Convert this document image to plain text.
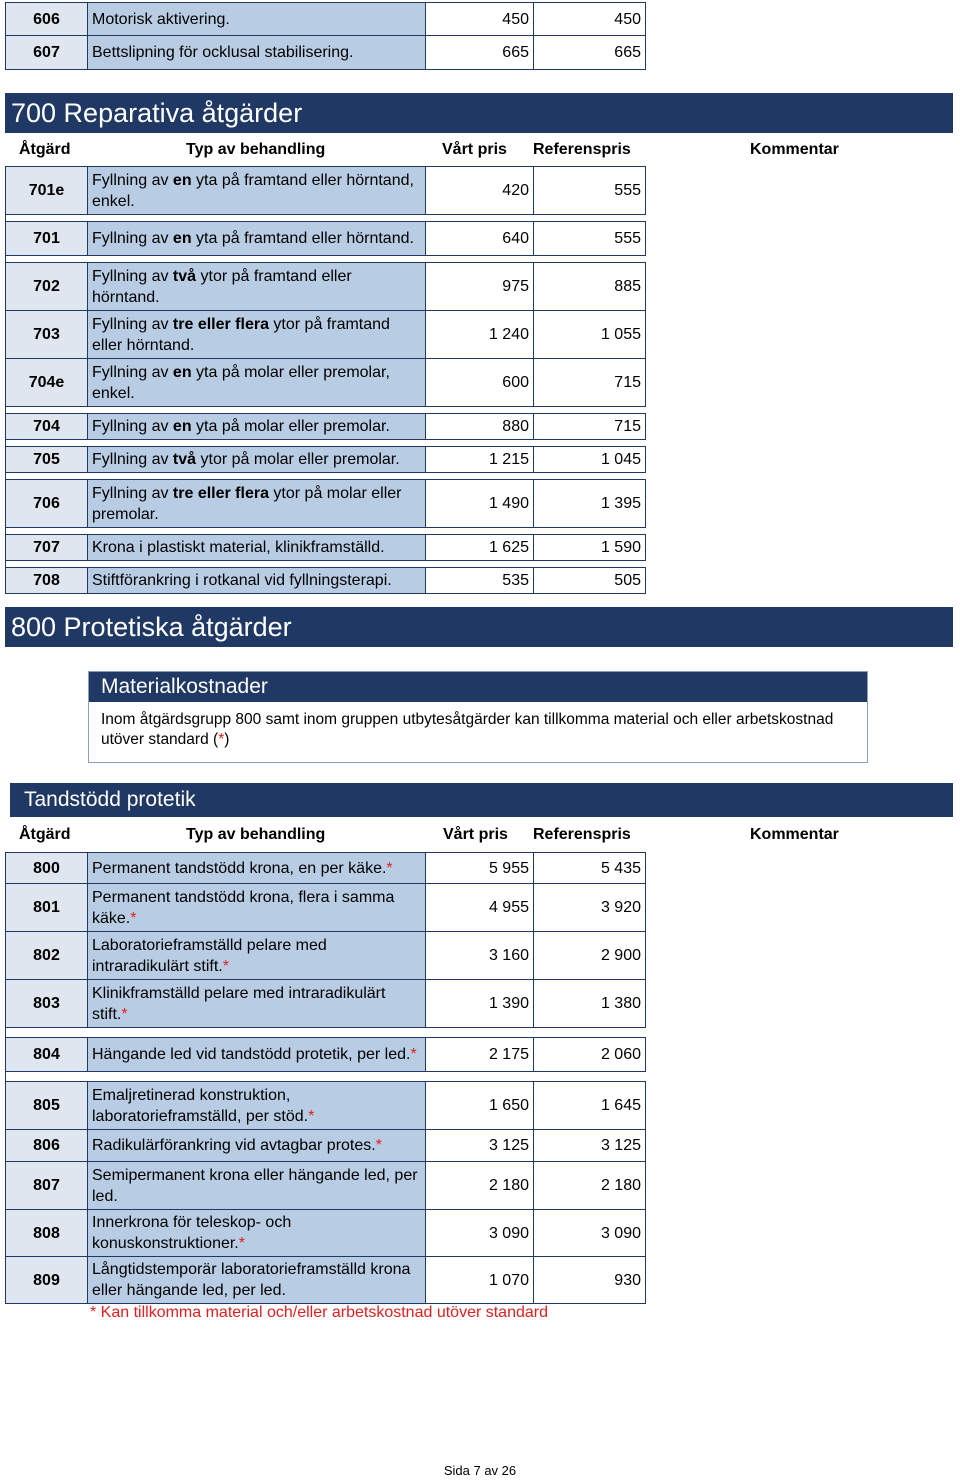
606	Motorisk aktivering.	450	450	
607	Bettslipning för ocklusal stabilisering.	665	665	
700 Reparativa åtgärder
Åtgärd	Typ av behandling	Vårt pris Referenspris	Kommentar
701e	Fyllning av en yta på framtand eller hörntand, enkel.	420	555	

701	Fyllning av en yta på framtand eller hörntand.	640	555	

702	Fyllning av två ytor på framtand eller hörntand.	975	885	
703	Fyllning av tre eller flera ytor på framtand eller hörntand.	1 240	1 055	
704e	Fyllning av en yta på molar eller premolar, enkel.	600	715	

704	Fyllning av en yta på molar eller premolar.	880	715	

705	Fyllning av två ytor på molar eller premolar.	1 215	1 045	

706	Fyllning av tre eller flera ytor på molar eller premolar.	1 490	1 395	

707	Krona i plastiskt material, klinikframställd.	1 625	1 590	

708	Stiftförankring i rotkanal vid fyllningsterapi.	535	505	
800 Protetiska åtgärder
Materialkostnader
Inom åtgärdsgrupp 800 samt inom gruppen utbytesåtgärder kan tillkomma material och eller arbetskostnad utöver standard (*)
Tandstödd protetik
Åtgärd	Typ av behandling	Vårt pris Referenspris	Kommentar
800	Permanent tandstödd krona, en per käke.*	5 955	5 435	
801	Permanent tandstödd krona, flera i samma käke.*	4 955	3 920	
802	Laboratorieframställd pelare med intraradikulärt stift.*	3 160	2 900	
803	Klinikframställd pelare med intraradikulärt stift.*	1 390	1 380	

804	Hängande led vid tandstödd protetik, per led.*	2 175	2 060	

805	Emaljretinerad konstruktion, laboratorieframställd, per stöd.*	1 650	1 645	
806	Radikulärförankring vid avtagbar protes.*	3 125	3 125	
807	Semipermanent krona eller hängande led, per led.	2 180	2 180	
808	Innerkrona för teleskop- och konuskonstruktioner.*	3 090	3 090	
809	Långtidstemporär laboratorieframställd krona eller hängande led, per led.	1 070	930	
* Kan tillkomma material och/eller arbetskostnad utöver standard
Sida 7 av 26
